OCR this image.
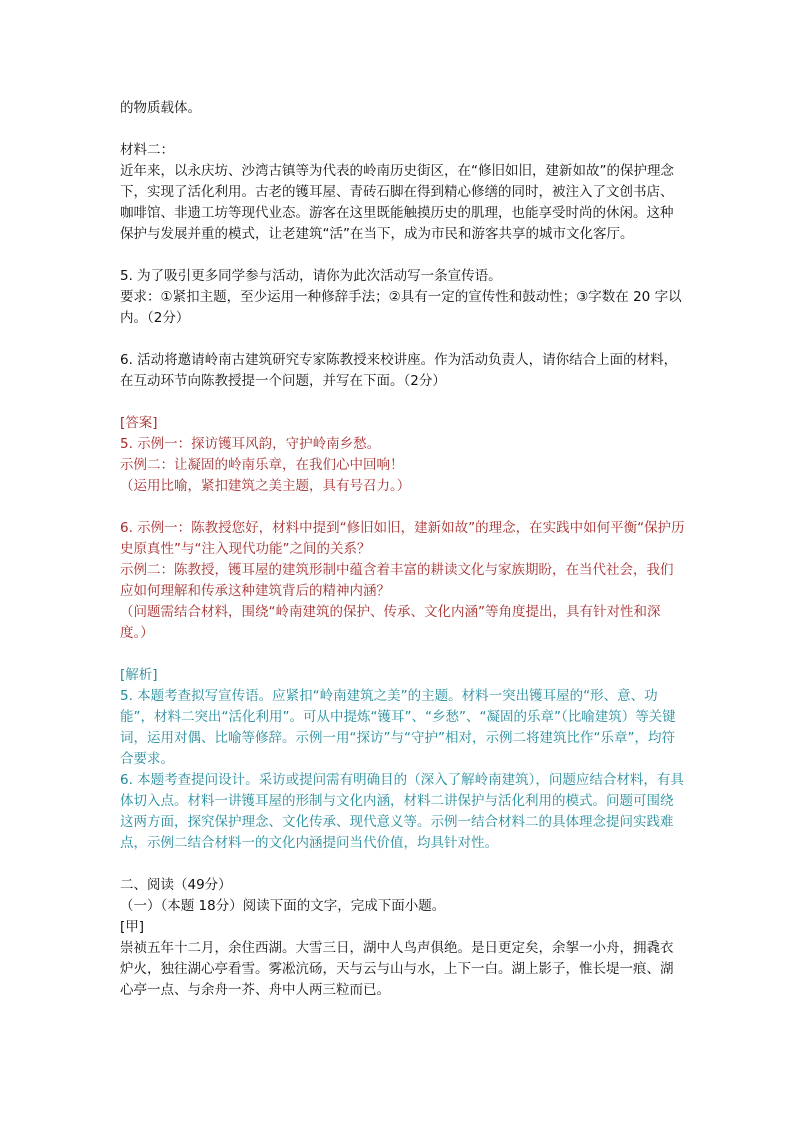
的物质载体。

材料二：

近年来，以永庆坊、沙湾古镇等为代表的岭南历史街区，在“修旧如旧，建新如故”的保护理念下，实现了活化利用。古老的镬耳屋、青砖石脚在得到精心修缮的同时，被注入了文创书店、咖啡馆、非遗工坊等现代业态。游客在这里既能触摸历史的肌理，也能享受时尚的休闲。这种保护与发展并重的模式，让老建筑“活”在当下，成为市民和游客共享的城市文化客厅。

5. 为了吸引更多同学参与活动，请你为此次活动写一条宣传语。

要求：①紧扣主题，至少运用一种修辞手法；②具有一定的宣传性和鼓动性；③字数在 20 字以内。（2分）

6. 活动将邀请岭南古建筑研究专家陈教授来校讲座。作为活动负责人，请你结合上面的材料，在互动环节向陈教授提一个问题，并写在下面。（2分）

[答案]

5. 示例一：探访镬耳风韵，守护岭南乡愁。

示例二：让凝固的岭南乐章，在我们心中回响！

（运用比喻，紧扣建筑之美主题，具有号召力。）

6. 示例一：陈教授您好，材料中提到“修旧如旧，建新如故”的理念，在实践中如何平衡“保护历史原真性”与“注入现代功能”之间的关系？

示例二：陈教授，镬耳屋的建筑形制中蕴含着丰富的耕读文化与家族期盼，在当代社会，我们应如何理解和传承这种建筑背后的精神内涵？

（问题需结合材料，围绕“岭南建筑的保护、传承、文化内涵”等角度提出，具有针对性和深度。）

[解析]

5. 本题考查拟写宣传语。应紧扣“岭南建筑之美”的主题。材料一突出镬耳屋的“形、意、功能”，材料二突出“活化利用”。可从中提炼“镬耳”、“乡愁”、“凝固的乐章”（比喻建筑）等关键词，运用对偶、比喻等修辞。示例一用“探访”与“守护”相对，示例二将建筑比作“乐章”，均符合要求。

6. 本题考查提问设计。采访或提问需有明确目的（深入了解岭南建筑），问题应结合材料，有具体切入点。材料一讲镬耳屋的形制与文化内涵，材料二讲保护与活化利用的模式。问题可围绕这两方面，探究保护理念、文化传承、现代意义等。示例一结合材料二的具体理念提问实践难点，示例二结合材料一的文化内涵提问当代价值，均具针对性。

二、阅读（49分）

（一）（本题 18分）阅读下面的文字，完成下面小题。

[甲]

崇祯五年十二月，余住西湖。大雪三日，湖中人鸟声俱绝。是日更定矣，余挐一小舟，拥毳衣炉火，独往湖心亭看雪。雾凇沆砀，天与云与山与水，上下一白。湖上影子，惟长堤一痕、湖心亭一点、与余舟一芥、舟中人两三粒而已。
